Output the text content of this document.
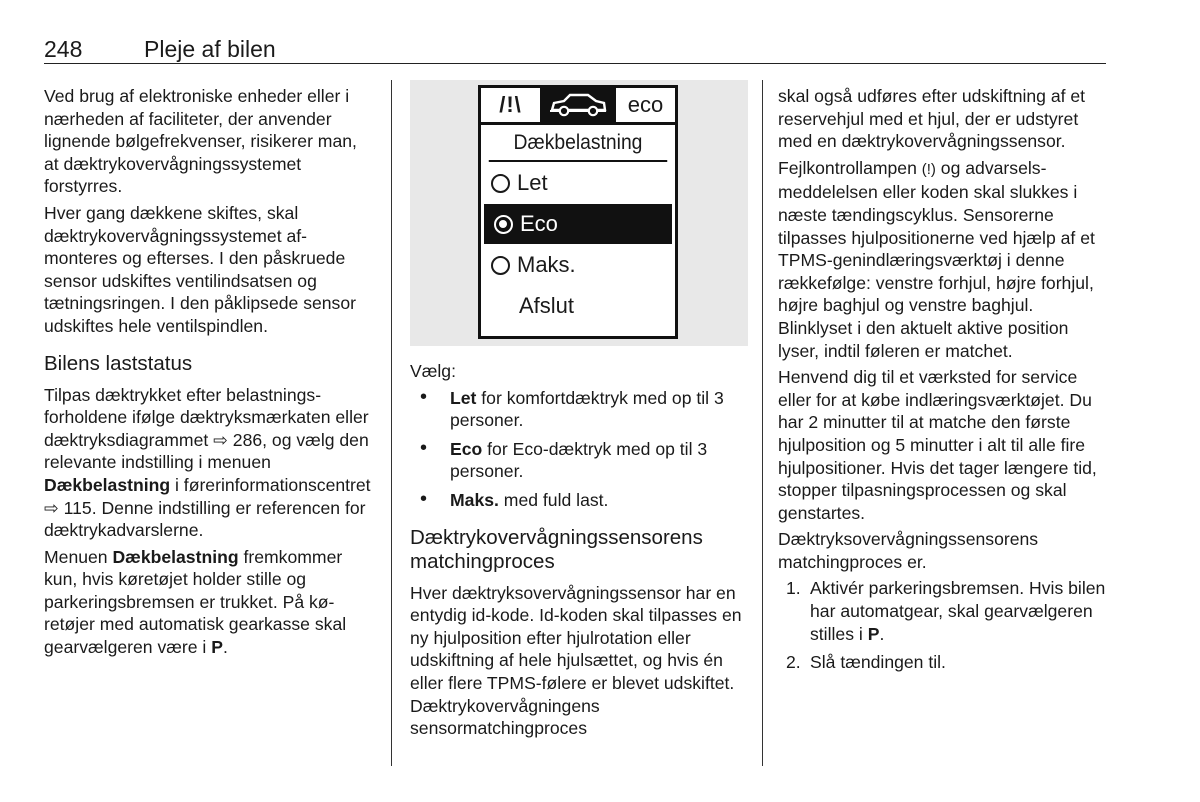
248	Pleje af bilen

Ved brug af elektroniske enheder eller i nærheden af faciliteter, der anvender lignende bølgefrekvenser, risikerer man, at dæktrykovervågningssystemet forstyrres.

Hver gang dækkene skiftes, skal dæktrykovervågningssystemet afmonteres og efterses. I den påskruede sensor udskiftes ventilindsatsen og tætningsringen. I den påklipsede sensor udskiftes hele ventilspindlen.

Bilens laststatus

Tilpas dæktrykket efter belastningsforholdene ifølge dæktryksmærkaten eller dæktryksdiagrammet ⇨ 286, og vælg den relevante indstilling i menuen Dækbelastning i førerinformationscentret ⇨ 115. Denne indstilling er referencen for dæktrykadvarslerne.

Menuen Dækbelastning fremkommer kun, hvis køretøjet holder stille og parkeringsbremsen er trukket. På køretøjer med automatisk gearkasse skal gearvælgeren være i P.

/!\	eco
Dækbelastning
Let
Eco
Maks.
Afslut

Vælg:

• Let for komfortdæktryk med op til 3 personer.
• Eco for Eco-dæktryk med op til 3 personer.
• Maks. med fuld last.
Dæktrykovervågningssensorens matchingproces

Hver dæktryksovervågningssensor har en entydig id-kode. Id-koden skal tilpasses en ny hjulposition efter hjulrotation eller udskiftning af hele hjulsættet, og hvis én eller flere TPMS-følere er blevet udskiftet. Dæktrykovervågningens sensormatchingproces

skal også udføres efter udskiftning af et reservehjul med et hjul, der er udstyret med en dæktrykovervågningssensor.

Fejlkontrollampen (!) og advarselsmeddelelsen eller koden skal slukkes i næste tændingscyklus. Sensorerne tilpasses hjulpositionerne ved hjælp af et TPMS-genindlæringsværktøj i denne rækkefølge: venstre forhjul, højre forhjul, højre baghjul og venstre baghjul. Blinklyset i den aktuelt aktive position lyser, indtil føleren er matchet.

Henvend dig til et værksted for service eller for at købe indlæringsværktøjet. Du har 2 minutter til at matche den første hjulposition og 5 minutter i alt til alle fire hjulpositioner. Hvis det tager længere tid, stopper tilpasningsprocessen og skal genstartes.

Dæktryksovervågningssensorens matchingproces er.

1. Aktivér parkeringsbremsen. Hvis bilen har automatgear, skal gearvælgeren stilles i P.
2. Slå tændingen til.
